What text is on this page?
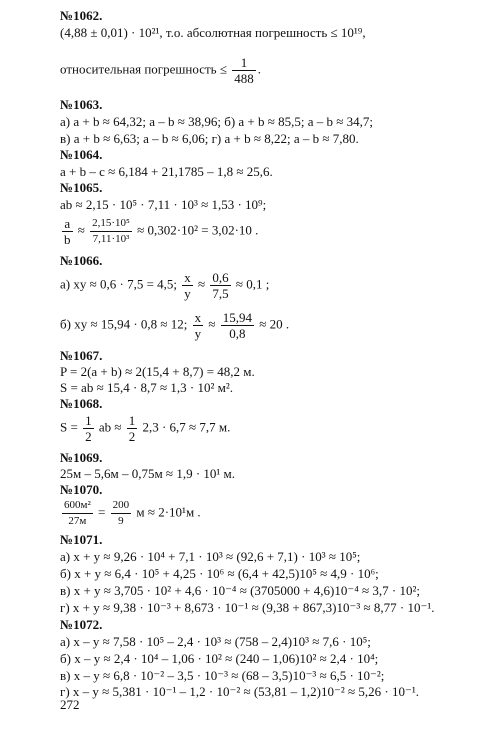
№1062.
(4,88 ± 0,01) · 10²¹, т.о. абсолютная погрешность ≤ 10¹⁹,
относительная погрешность ≤ $\frac{1}{488}$ .
№1063.
а) a + b ≈ 64,32; a – b ≈ 38,96; б) a + b ≈ 85,5; a – b ≈ 34,7;
в) a + b ≈ 6,63; a – b ≈ 6,06; г) a + b ≈ 8,22; a – b ≈ 7,80.
№1064.
a + b – c ≈ 6,184 + 21,1785 – 1,8 ≈ 25,6.
№1065.
ab ≈ 2,15 · 10⁵ · 7,11 · 10³ ≈ 1,53 · 10⁹;
$\frac{a}{b} \approx \frac{\text{2,15·10⁵}}{\text{7,11·10³}} \approx 0,302\cdot 10^2 = 3,02\cdot 10$ .
№1066.
а) xy ≈ 0,6 · 7,5 = 4,5; $\frac{x}{y} \approx \frac{0,6}{7,5} \approx 0,1$ ;
б) xy ≈ 15,94 · 0,8 ≈ 12; $\frac{x}{y} \approx \frac{15,94}{0,8} \approx 20$ .
№1067.
P = 2(a + b) ≈ 2(15,4 + 8,7) = 48,2 м.
S = ab ≈ 15,4 · 8,7 ≈ 1,3 · 10² м².
№1068.
$S = \frac{1}{2}$ ab ≈ $\frac{1}{2} 2,3 \cdot 6,7 \approx 7,7$ м.
№1069.
25м – 5,6м – 0,75м ≈ 1,9 · 10¹ м.
№1070.
$\frac{\text{600м²}}{27м} = \frac{200}{9}$ м ≈ 2·10¹м .
№1071.
а) x + y ≈ 9,26 · 10⁴ + 7,1 · 10³ ≈ (92,6 + 7,1) · 10³ ≈ 10⁵;
б) x + y ≈ 6,4 · 10⁵ + 4,25 · 10⁶ ≈ (6,4 + 42,5)10⁵ ≈ 4,9 · 10⁶;
в) x + y ≈ 3,705 · 10² + 4,6 · 10⁻⁴ ≈ (3705000 + 4,6)10⁻⁴ ≈ 3,7 · 10²;
г) x + y ≈ 9,38 · 10⁻³ + 8,673 · 10⁻¹ ≈ (9,38 + 867,3)10⁻³ ≈ 8,77 · 10⁻¹.
№1072.
а) x – y ≈ 7,58 · 10⁵ – 2,4 · 10³ ≈ (758 – 2,4)10³ ≈ 7,6 · 10⁵;
б) x – y ≈ 2,4 · 10⁴ – 1,06 · 10² ≈ (240 – 1,06)10² ≈ 2,4 · 10⁴;
в) x – y ≈ 6,8 · 10⁻² – 3,5 · 10⁻³ ≈ (68 – 3,5)10⁻³ ≈ 6,5 · 10⁻²;
г) x – y ≈ 5,381 · 10⁻¹ – 1,2 · 10⁻² ≈ (53,81 – 1,2)10⁻² ≈ 5,26 · 10⁻¹.
272
